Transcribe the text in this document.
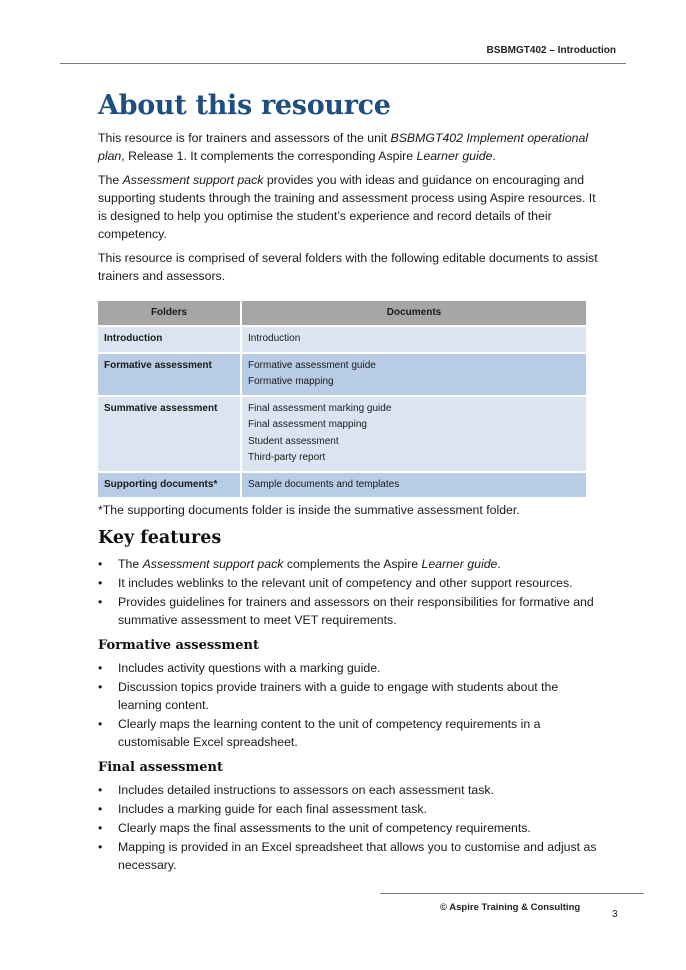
BSBMGT402 – Introduction
About this resource

This resource is for trainers and assessors of the unit BSBMGT402 Implement operational plan, Release 1. It complements the corresponding Aspire Learner guide.

The Assessment support pack provides you with ideas and guidance on encouraging and supporting students through the training and assessment process using Aspire resources. It is designed to help you optimise the student’s experience and record details of their competency.

This resource is comprised of several folders with the following editable documents to assist trainers and assessors.

Folders	Documents
Introduction	Introduction

Formative assessment	Formative assessment guide
Formative mapping

Summative assessment	Final assessment marking guide
Final assessment mapping
Student assessment
Third-party report

Supporting documents*	Sample documents and templates

*The supporting documents folder is inside the summative assessment folder.

Key features
• The Assessment support pack complements the Aspire Learner guide.
• It includes weblinks to the relevant unit of competency and other support resources.
• Provides guidelines for trainers and assessors on their responsibilities for formative and summative assessment to meet VET requirements.
Formative assessment
• Includes activity questions with a marking guide.
• Discussion topics provide trainers with a guide to engage with students about the learning content.
• Clearly maps the learning content to the unit of competency requirements in a customisable Excel spreadsheet.
Final assessment
• Includes detailed instructions to assessors on each assessment task.
• Includes a marking guide for each final assessment task.
• Clearly maps the final assessments to the unit of competency requirements.
• Mapping is provided in an Excel spreadsheet that allows you to customise and adjust as necessary.
© Aspire Training & Consulting
3
